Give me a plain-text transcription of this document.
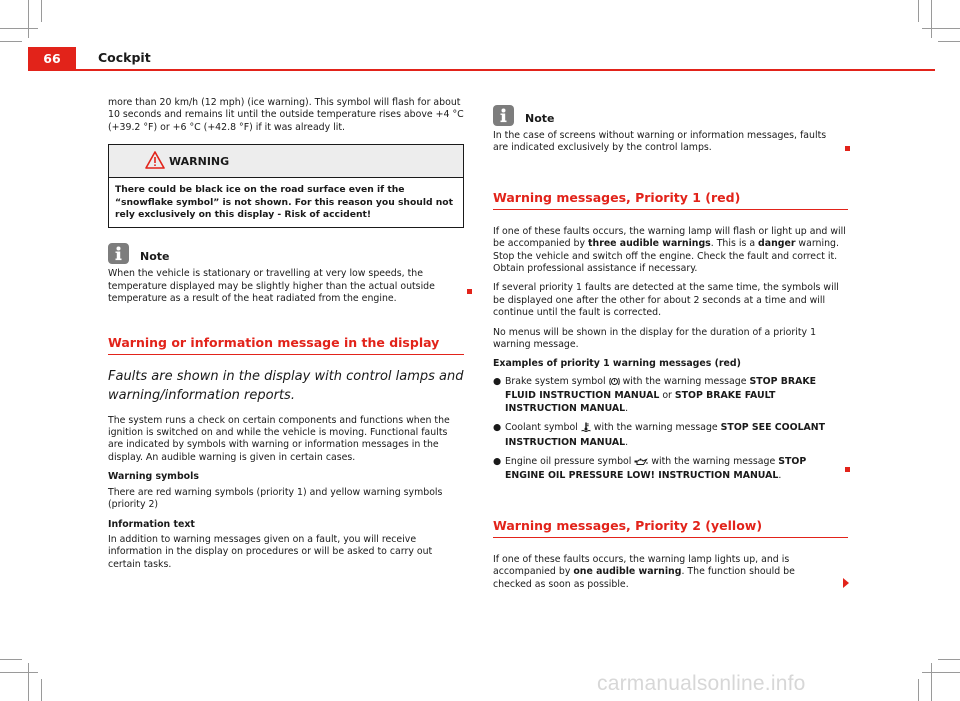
66	Cockpit

more than 20 km/h (12 mph) (ice warning). This symbol will flash for about 10 seconds and remains lit until the outside temperature rises above +4 °C (+39.2 °F) or +6 °C (+42.8 °F) if it was already lit.

WARNING
There could be black ice on the road surface even if the “snowflake symbol” is not shown. For this reason you should not rely exclusively on this display - Risk of accident!
Note

When the vehicle is stationary or travelling at very low speeds, the temperature displayed may be slightly higher than the actual outside temperature as a result of the heat radiated from the engine.

Warning or information message in the display

Faults are shown in the display with control lamps and warning/information reports.

The system runs a check on certain components and functions when the ignition is switched on and while the vehicle is moving. Functional faults are indicated by symbols with warning or information messages in the display. An audible warning is given in certain cases.

Warning symbols

There are red warning symbols (priority 1) and yellow warning symbols (priority 2)

Information text

In addition to warning messages given on a fault, you will receive information in the display on procedures or will be asked to carry out certain tasks.

Note

In the case of screens without warning or information messages, faults are indicated exclusively by the control lamps.

Warning messages, Priority 1 (red)

If one of these faults occurs, the warning lamp will flash or light up and will be accompanied by three audible warnings. This is a danger warning. Stop the vehicle and switch off the engine. Check the fault and correct it. Obtain professional assistance if necessary.

If several priority 1 faults are detected at the same time, the symbols will be displayed one after the other for about 2 seconds at a time and will continue until the fault is corrected.

No menus will be shown in the display for the duration of a priority 1 warning message.

Examples of priority 1 warning messages (red)

● Brake system symbol  with the warning message STOP BRAKE FLUID INSTRUCTION MANUAL or STOP BRAKE FAULT INSTRUCTION MANUAL.
● Coolant symbol  with the warning message STOP SEE COOLANT INSTRUCTION MANUAL.
● Engine oil pressure symbol  with the warning message STOP ENGINE OIL PRESSURE LOW! INSTRUCTION MANUAL.

Warning messages, Priority 2 (yellow)

If one of these faults occurs, the warning lamp lights up, and is accompanied by one audible warning. The function should be checked as soon as possible.

carmanualsonline.info
